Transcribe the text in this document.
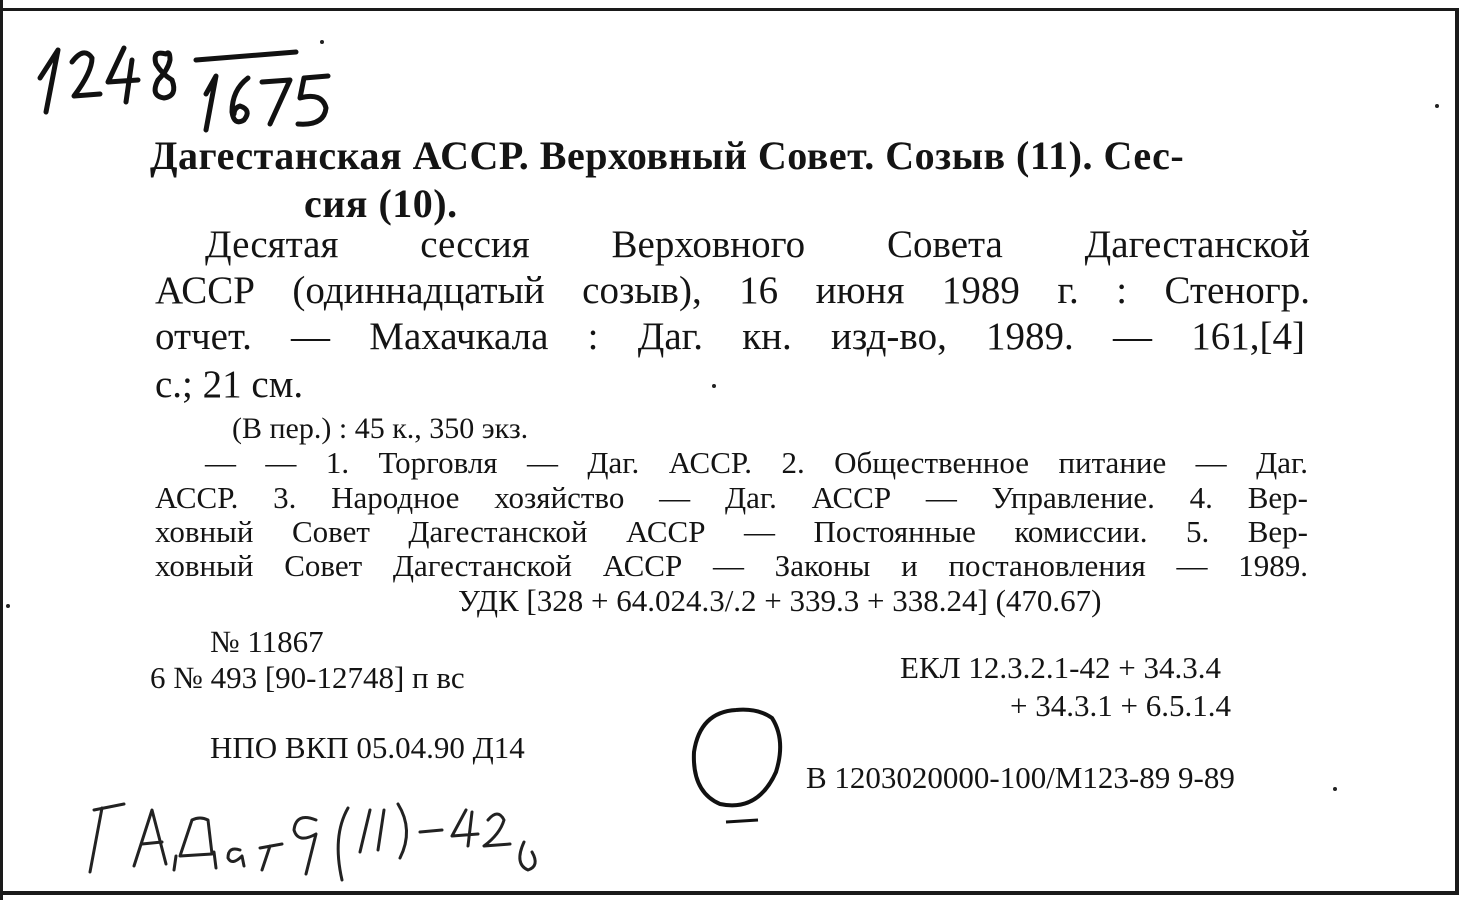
Дагестанская АССР. Верховный Совет. Созыв (11). Сес-
сия (10).
Десятая сессия Верховного Совета Дагестанской
АССР (одиннадцатый созыв), 16 июня 1989 г. : Стеногр.
отчет. — Махачкала : Даг. кн. изд-во, 1989. — 161,[4]
с.; 21 см.
(В пер.) : 45 к., 350 экз.
— — 1. Торговля — Даг. АССР. 2. Общественное питание — Даг.
АССР. 3. Народное хозяйство — Даг. АССР — Управление. 4. Вер-
ховный Совет Дагестанской АССР — Постоянные комиссии. 5. Вер-
ховный Совет Дагестанской АССР — Законы и постановления — 1989.
УДК [328 + 64.024.3/.2 + 339.3 + 338.24] (470.67)
№ 11867
6 № 493 [90-12748] п вс	ЕКЛ 12.3.2.1-42 + 34.3.4
+ 34.3.1 + 6.5.1.4
НПО ВКП 05.04.90 Д14
В 1203020000-100/М123-89 9-89
